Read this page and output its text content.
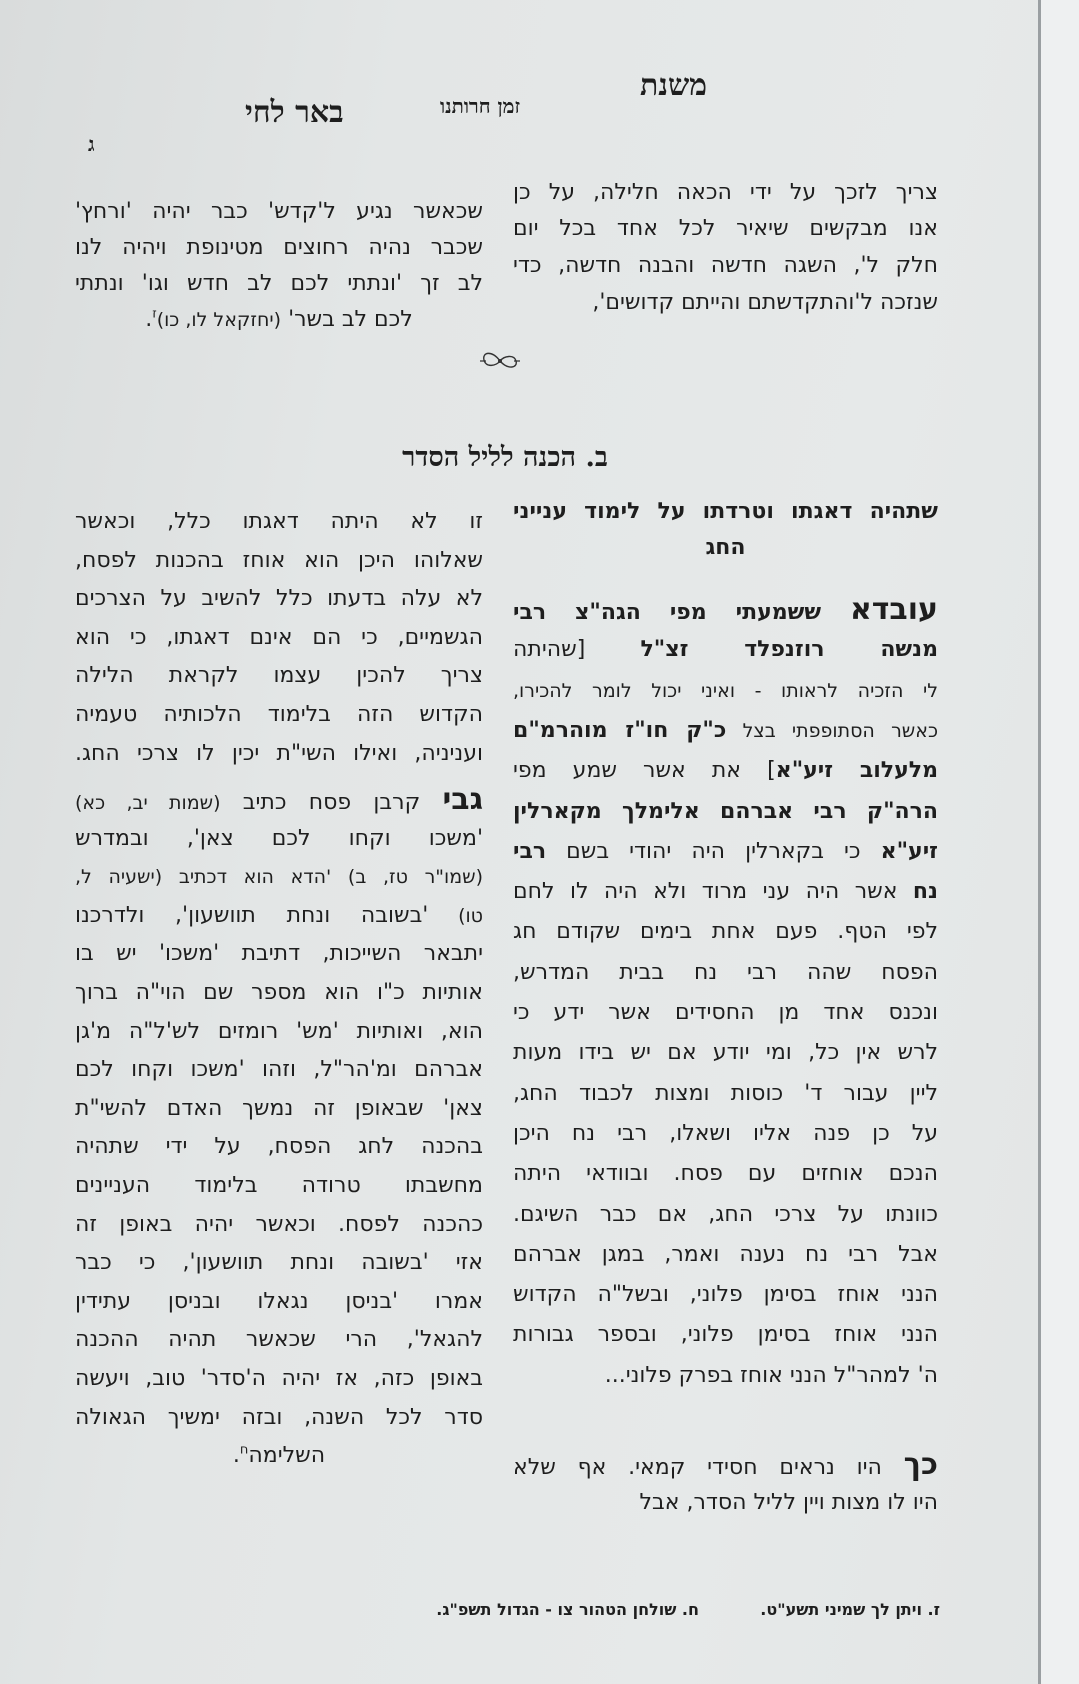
משנת
זמן חרותנו
באר לחי
ג
צריך לזכך על ידי הכאה חלילה, על כן
אנו מבקשים שיאיר לכל אחד בכל יום
חלק ל', השגה חדשה והבנה חדשה, כדי
שנזכה ל'והתקדשתם והייתם קדושים',
שכאשר נגיע ל'קדש' כבר יהיה 'ורחץ'
שכבר נהיה רחוצים מטינופת ויהיה לנו
לב זך 'ונתתי לכם לב חדש וגו' ונתתי
לכם לב בשר' (יחזקאל לו, כו)$^ז$.
ב. הכנה לליל הסדר
שתהיה דאגתו וטרדתו על לימוד ענייני
החג
עובדא ששמעתי מפי הגה"צ רבי
מנשה רוזנפלד זצ"ל [שהיתה
לי הזכיה לראותו - ואיני יכול לומר להכירו,
כאשר הסתופפתי בצל כ"ק חו"ז מוהרמ"ם
מלעלוב זיע"א] את אשר שמע מפי
הרה"ק רבי אברהם אלימלך מקארלין
זיע"א כי בקארלין היה יהודי בשם רבי
נח אשר היה עני מרוד ולא היה לו לחם
לפי הטף. פעם אחת בימים שקודם חג
הפסח שהה רבי נח בבית המדרש,
ונכנס אחד מן החסידים אשר ידע כי
לרש אין כל, ומי יודע אם יש בידו מעות
ליין עבור ד' כוסות ומצות לכבוד החג,
על כן פנה אליו ושאלו, רבי נח היכן
הנכם אוחזים עם פסח. ובוודאי היתה
כוונתו על צרכי החג, אם כבר השיגם.
אבל רבי נח נענה ואמר, במגן אברהם
הנני אוחז בסימן פלוני, ובשל"ה הקדוש
הנני אוחז בסימן פלוני, ובספר גבורות
ה' למהר"ל הנני אוחז בפרק פלוני...
כך היו נראים חסידי קמאי. אף שלא
היו לו מצות ויין לליל הסדר, אבל
זו לא היתה דאגתו כלל, וכאשר
שאלוהו היכן הוא אוחז בהכנות לפסח,
לא עלה בדעתו כלל להשיב על הצרכים
הגשמיים, כי הם אינם דאגתו, כי הוא
צריך להכין עצמו לקראת הלילה
הקדוש הזה בלימוד הלכותיה טעמיה
ועניניה, ואילו השי"ת יכין לו צרכי החג.
גבי קרבן פסח כתיב (שמות יב, כא)
'משכו וקחו לכם צאן', ובמדרש
(שמו"ר טז, ב) 'הדא הוא דכתיב (ישעיה ל,
טו) 'בשובה ונחת תוושעון', ולדרכנו
יתבאר השייכות, דתיבת 'משכו' יש בו
אותיות כ"ו הוא מספר שם הוי"ה ברוך
הוא, ואותיות 'מש' רומזים לש'ל"ה מ'גן
אברהם ומ'הר"ל, וזהו 'משכו וקחו לכם
צאן' שבאופן זה נמשך האדם להשי"ת
בהכנה לחג הפסח, על ידי שתהיה
מחשבתו טרודה בלימוד העניינים
כהכנה לפסח. וכאשר יהיה באופן זה
אזי 'בשובה ונחת תוושעון', כי כבר
אמרו 'בניסן נגאלו ובניסן עתידין
להגאל', הרי שכאשר תהיה ההכנה
באופן כזה, אז יהיה ה'סדר' טוב, ויעשה
סדר לכל השנה, ובזה ימשיך הגאולה
השלימה$^ח$.
ז. ויתן לך שמיני תשע"ט.
ח. שולחן הטהור צו - הגדול תשפ"ג.
